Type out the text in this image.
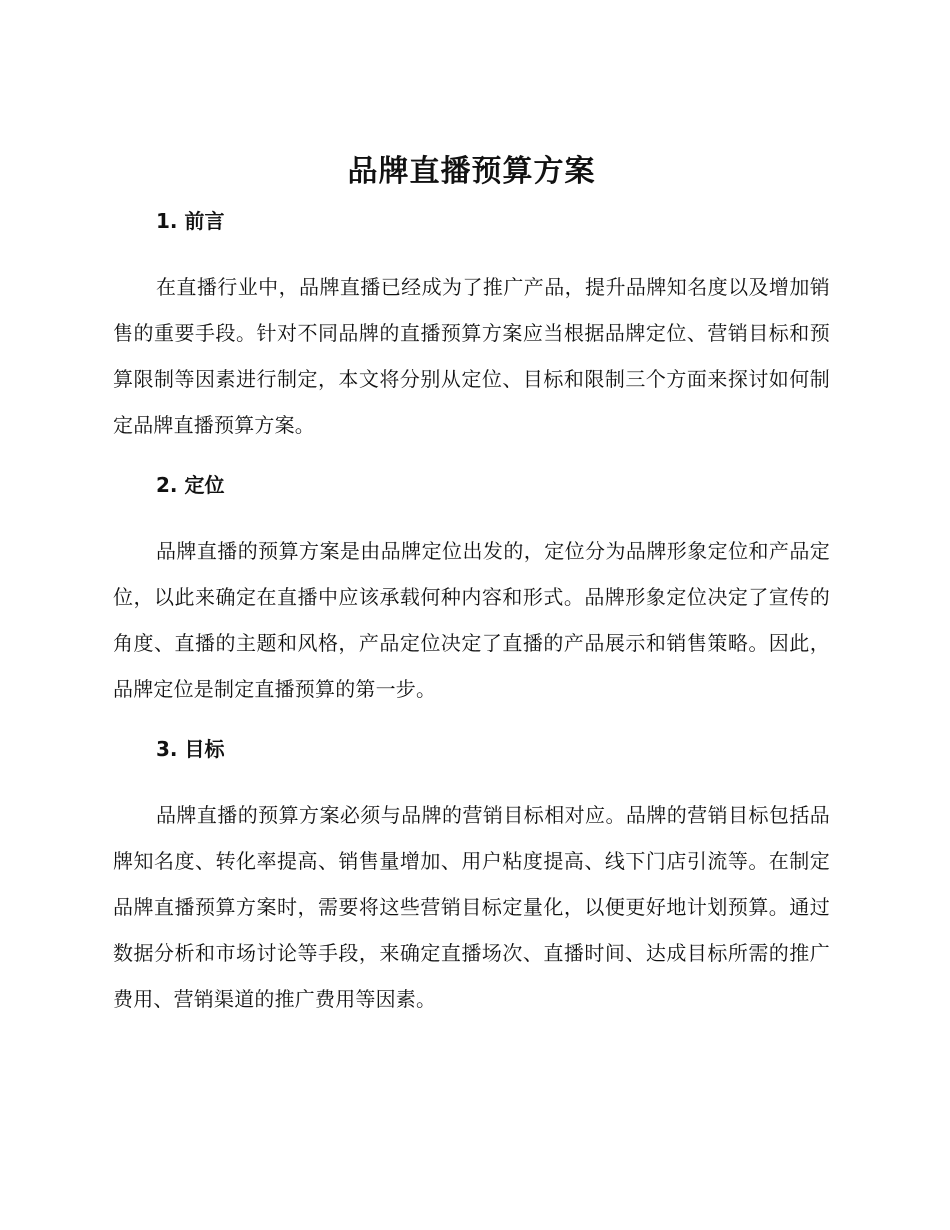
品牌直播预算方案
1. 前言

在直播行业中，品牌直播已经成为了推广产品，提升品牌知名度以及增加销售的重要手段。针对不同品牌的直播预算方案应当根据品牌定位、营销目标和预算限制等因素进行制定，本文将分别从定位、目标和限制三个方面来探讨如何制定品牌直播预算方案。

2. 定位

品牌直播的预算方案是由品牌定位出发的，定位分为品牌形象定位和产品定位，以此来确定在直播中应该承载何种内容和形式。品牌形象定位决定了宣传的角度、直播的主题和风格，产品定位决定了直播的产品展示和销售策略。因此，品牌定位是制定直播预算的第一步。

3. 目标

品牌直播的预算方案必须与品牌的营销目标相对应。品牌的营销目标包括品牌知名度、转化率提高、销售量增加、用户粘度提高、线下门店引流等。在制定品牌直播预算方案时，需要将这些营销目标定量化，以便更好地计划预算。通过数据分析和市场讨论等手段，来确定直播场次、直播时间、达成目标所需的推广费用、营销渠道的推广费用等因素。
